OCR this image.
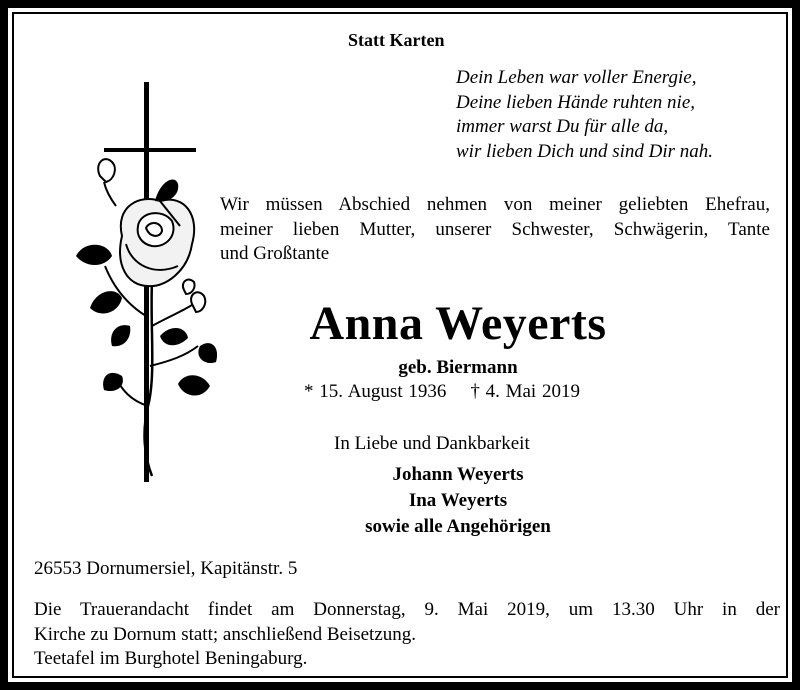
Statt Karten
Dein Leben war voller Energie,
Deine lieben Hände ruhten nie,
immer warst Du für alle da,
wir lieben Dich und sind Dir nah.
Wir müssen Abschied nehmen von meiner geliebten Ehefrau,
meiner lieben Mutter, unserer Schwester, Schwägerin, Tante
und Großtante
Anna Weyerts
geb. Biermann
* 15. August 1936 † 4. Mai 2019
In Liebe und Dankbarkeit
Johann Weyerts
Ina Weyerts
sowie alle Angehörigen
26553 Dornumersiel, Kapitänstr. 5
Die Trauerandacht findet am Donnerstag, 9. Mai 2019, um 13.30 Uhr in der
Kirche zu Dornum statt; anschließend Beisetzung.
Teetafel im Burghotel Beningaburg.
